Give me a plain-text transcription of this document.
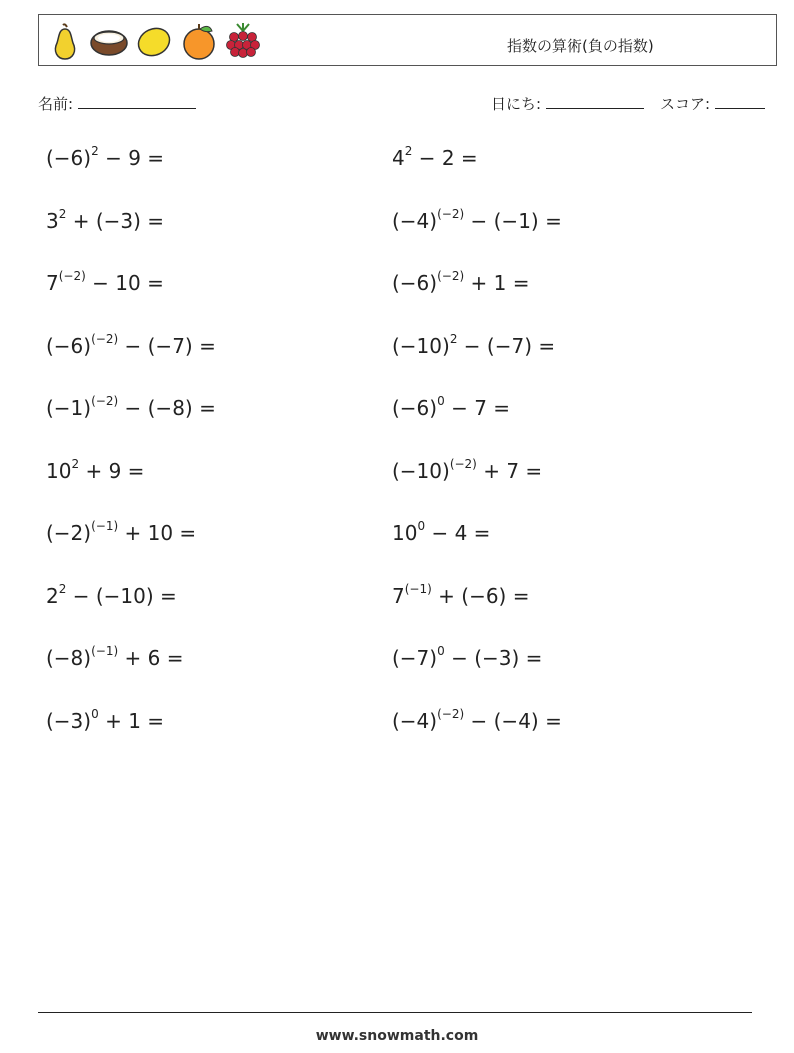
指数の算術(負の指数)
名前:	日にち:	スコア:
$(-6)^2 - 9$ =	$4^2 - 2$ =
$3^2 + (-3)$ =	$(-4)^{(-2)} - (-1)$ =
$7^{(-2)} - 10$ =	$(-6)^{(-2)} + 1$ =
$(-6)^{(-2)} - (-7)$ =	$(-10)^2 - (-7)$ =
$(-1)^{(-2)} - (-8)$ =	$(-6)^0 - 7$ =
$10^2 + 9$ =	$(-10)^{(-2)} + 7$ =
$(-2)^{(-1)} + 10$ =	$10^0 - 4$ =
$2^2 - (-10)$ =	$7^{(-1)} + (-6)$ =
$(-8)^{(-1)} + 6$ =	$(-7)^0 - (-3)$ =
$(-3)^0 + 1$ =	$(-4)^{(-2)} - (-4)$ =
www.snowmath.com
